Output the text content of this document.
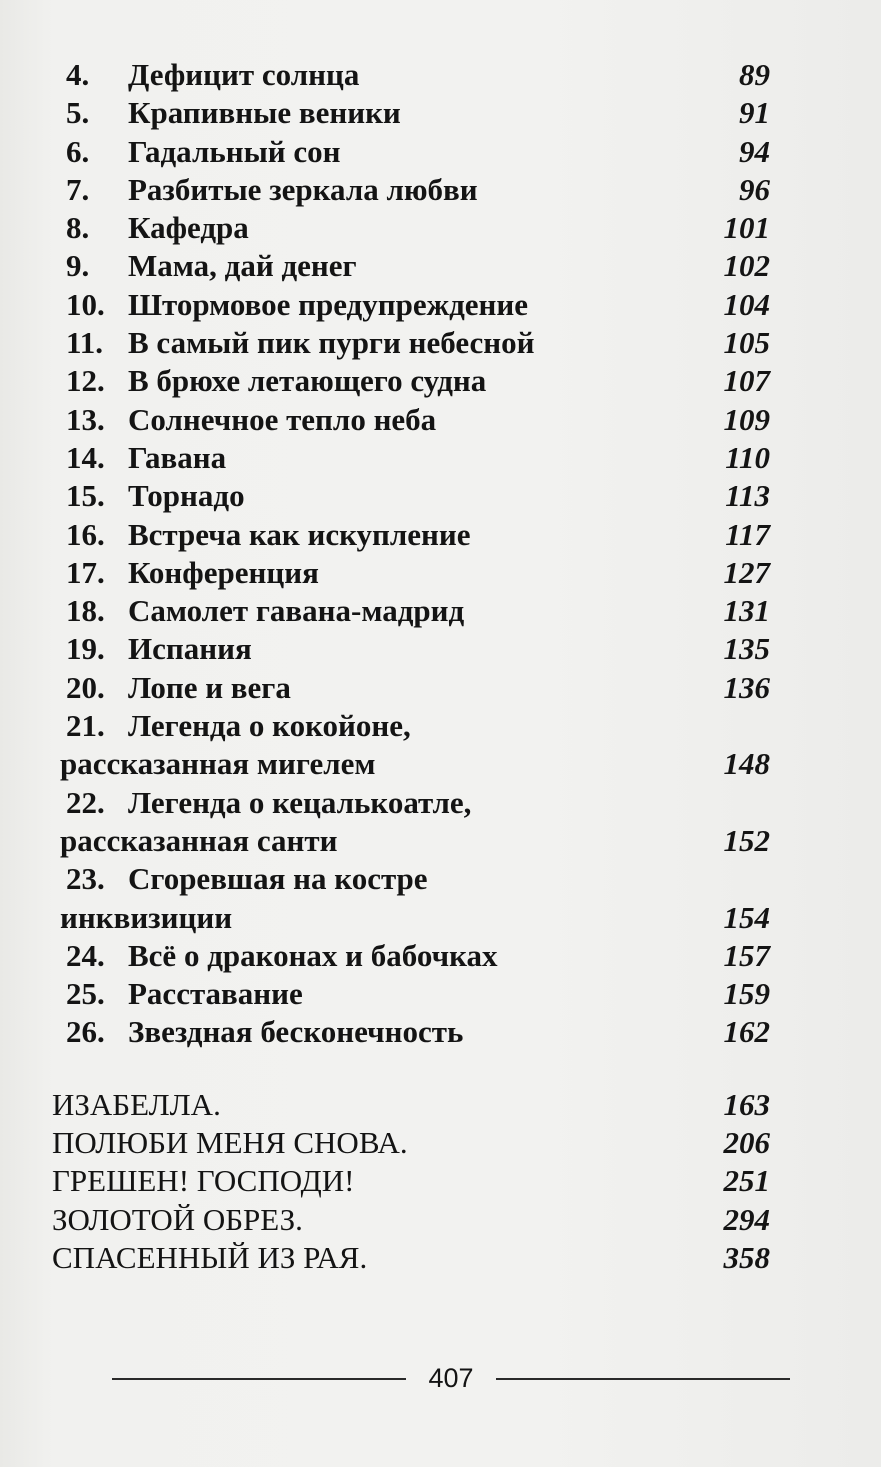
4. Дефицит солнца	89
5. Крапивные веники	91
6. Гадальный сон	94
7. Разбитые зеркала любви	96
8. Кафедра	101
9. Мама, дай денег	102
10. Штормовое предупреждение	104
11. В самый пик пурги небесной	105
12. В брюхе летающего судна	107
13. Солнечное тепло неба	109
14. Гавана	110
15. Торнадо	113
16. Встреча как искупление	117
17. Конференция	127
18. Самолет гавана-мадрид	131
19. Испания	135
20. Лопе и вега	136
21. Легенда о кокойоне,
рассказанная мигелем	148
22. Легенда о кецалькоатле,
рассказанная санти	152
23. Сгоревшая на костре
инквизиции	154
24. Всё о драконах и бабочках	157
25. Расставание	159
26. Звездная бесконечность	162
ИЗАБЕЛЛА.	163
ПОЛЮБИ МЕНЯ СНОВА.	206
ГРЕШЕН! ГОСПОДИ!	251
ЗОЛОТОЙ ОБРЕЗ.	294
СПАСЕННЫЙ ИЗ РАЯ.	358
407
